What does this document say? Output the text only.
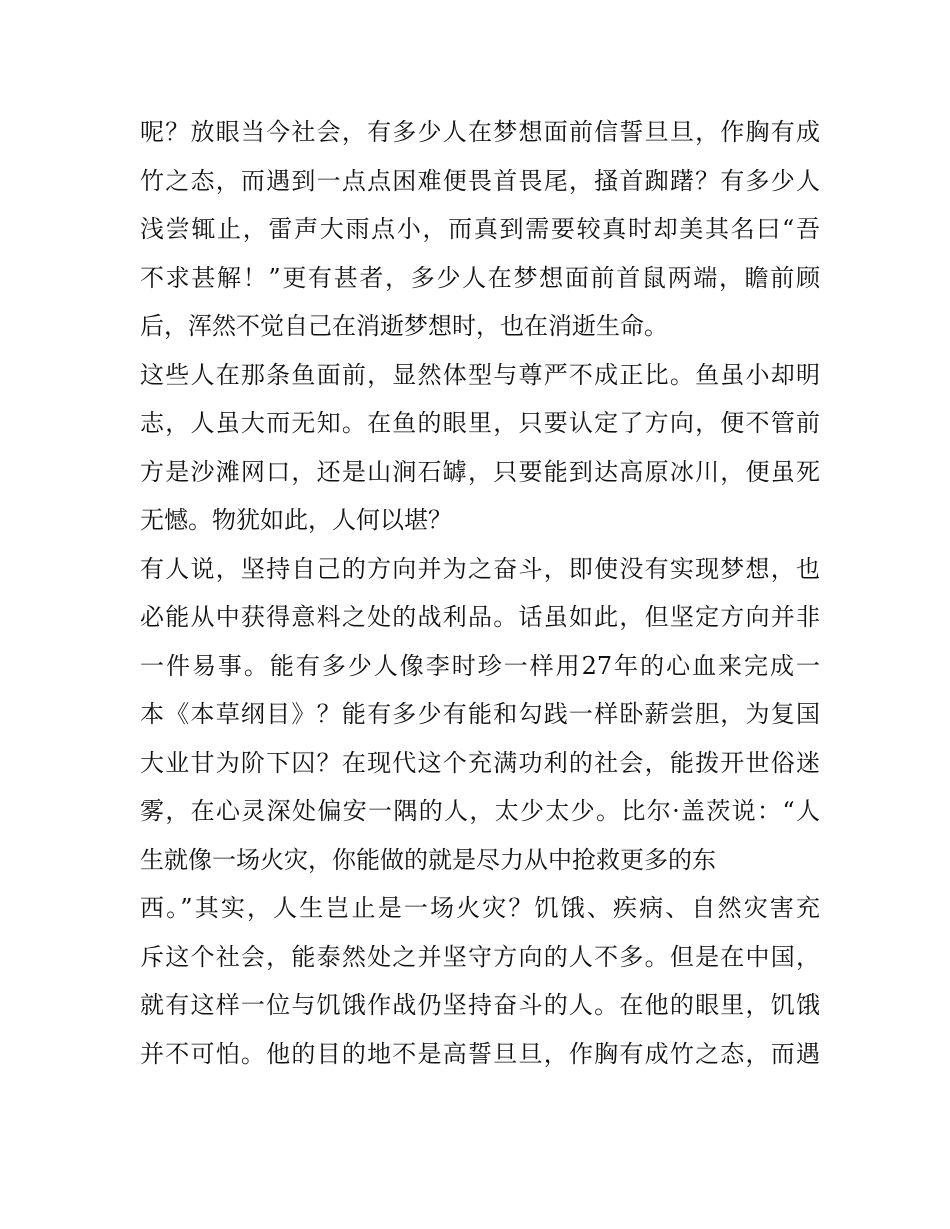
呢？放眼当今社会，有多少人在梦想面前信誓旦旦，作胸有成
竹之态，而遇到一点点困难便畏首畏尾，搔首踟躇？有多少人
浅尝辄止，雷声大雨点小，而真到需要较真时却美其名曰“吾
不求甚解！”更有甚者，多少人在梦想面前首鼠两端，瞻前顾
后，浑然不觉自己在消逝梦想时，也在消逝生命。
这些人在那条鱼面前，显然体型与尊严不成正比。鱼虽小却明
志，人虽大而无知。在鱼的眼里，只要认定了方向，便不管前
方是沙滩网口，还是山涧石罅，只要能到达高原冰川，便虽死
无憾。物犹如此，人何以堪？
有人说，坚持自己的方向并为之奋斗，即使没有实现梦想，也
必能从中获得意料之处的战利品。话虽如此，但坚定方向并非
一件易事。能有多少人像李时珍一样用27年的心血来完成一
本《本草纲目》？能有多少有能和勾践一样卧薪尝胆，为复国
大业甘为阶下囚？在现代这个充满功利的社会，能拨开世俗迷
雾，在心灵深处偏安一隅的人，太少太少。比尔·盖茨说：“人
生就像一场火灾，你能做的就是尽力从中抢救更多的东
西。”其实，人生岂止是一场火灾？饥饿、疾病、自然灾害充
斥这个社会，能泰然处之并坚守方向的人不多。但是在中国，
就有这样一位与饥饿作战仍坚持奋斗的人。在他的眼里，饥饿
并不可怕。他的目的地不是高誓旦旦，作胸有成竹之态，而遇
